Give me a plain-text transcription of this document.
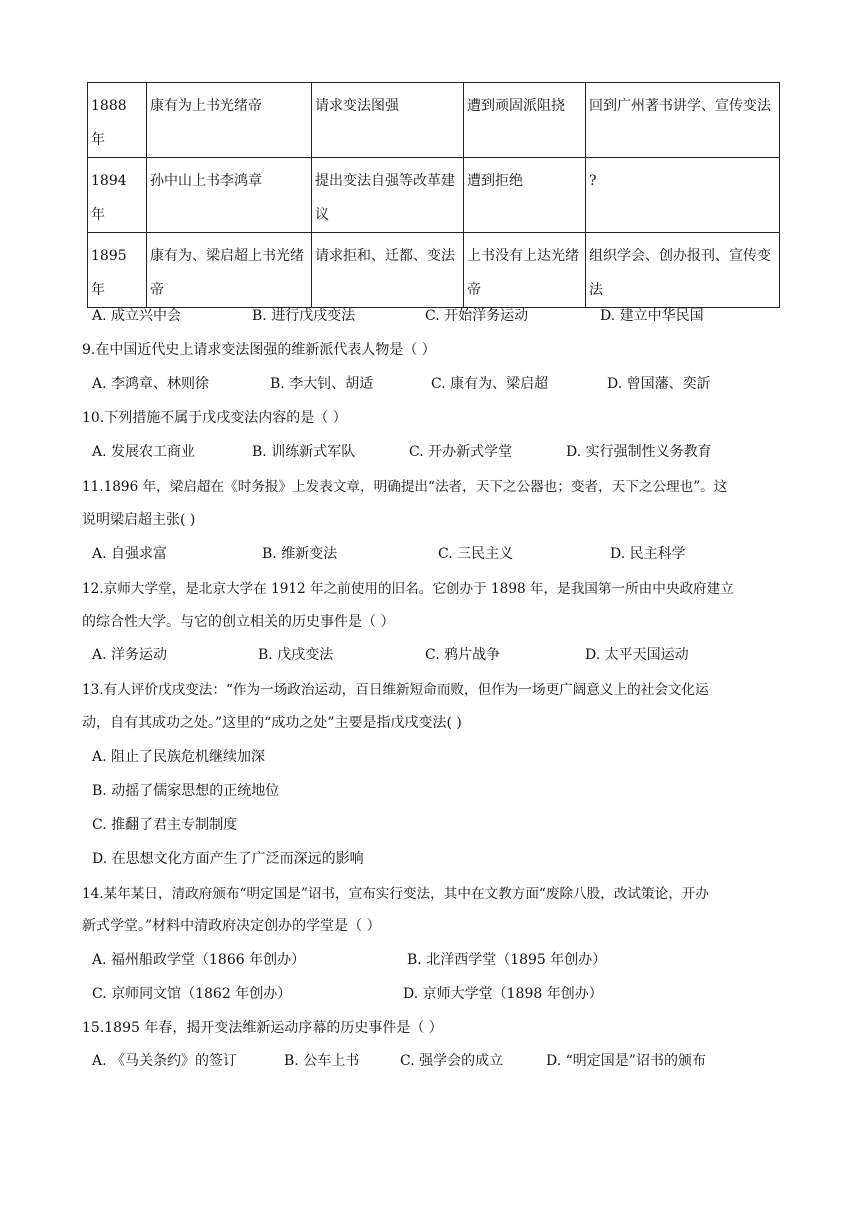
1888 年	康有为上书光绪帝	请求变法图强	遭到顽固派阻挠	回到广州著书讲学、宣传变法
1894 年	孙中山上书李鸿章	提出变法自强等改革建议	遭到拒绝	?
1895 年	康有为、梁启超上书光绪帝	请求拒和、迁都、变法	上书没有上达光绪帝	组织学会、创办报刊、宣传变法
A. 成立兴中会	B. 进行戊戌变法	C. 开始洋务运动	D. 建立中华民国
9.在中国近代史上请求变法图强的维新派代表人物是（ ）
A. 李鸿章、林则徐	B. 李大钊、胡适	C. 康有为、梁启超	D. 曾国藩、奕訢
10.下列措施不属于戊戌变法内容的是（ ）
A. 发展农工商业	B. 训练新式军队	C. 开办新式学堂	D. 实行强制性义务教育
11.1896 年，梁启超在《时务报》上发表文章，明确提出“法者，天下之公器也；变者，天下之公理也”。这
说明梁启超主张( )
A. 自强求富	B. 维新变法	C. 三民主义	D. 民主科学
12.京师大学堂，是北京大学在 1912 年之前使用的旧名。它创办于 1898 年，是我国第一所由中央政府建立
的综合性大学。与它的创立相关的历史事件是（ ）
A. 洋务运动	B. 戊戌变法	C. 鸦片战争	D. 太平天国运动
13.有人评价戊戌变法：“作为一场政治运动，百日维新短命而败，但作为一场更广阔意义上的社会文化运
动，自有其成功之处。”这里的“成功之处”主要是指戊戌变法( )
A. 阻止了民族危机继续加深
B. 动摇了儒家思想的正统地位
C. 推翻了君主专制制度
D. 在思想文化方面产生了广泛而深远的影响
14.某年某日，清政府颁布“明定国是”诏书，宣布实行变法，其中在文教方面“废除八股，改试策论，开办
新式学堂。”材料中清政府决定创办的学堂是（ ）
A. 福州船政学堂（1866 年创办）	B. 北洋西学堂（1895 年创办）
C. 京师同文馆（1862 年创办）	D. 京师大学堂（1898 年创办）
15.1895 年春，揭开变法维新运动序幕的历史事件是（ ）
A. 《马关条约》的签订	B. 公车上书	C. 强学会的成立	D. “明定国是”诏书的颁布
